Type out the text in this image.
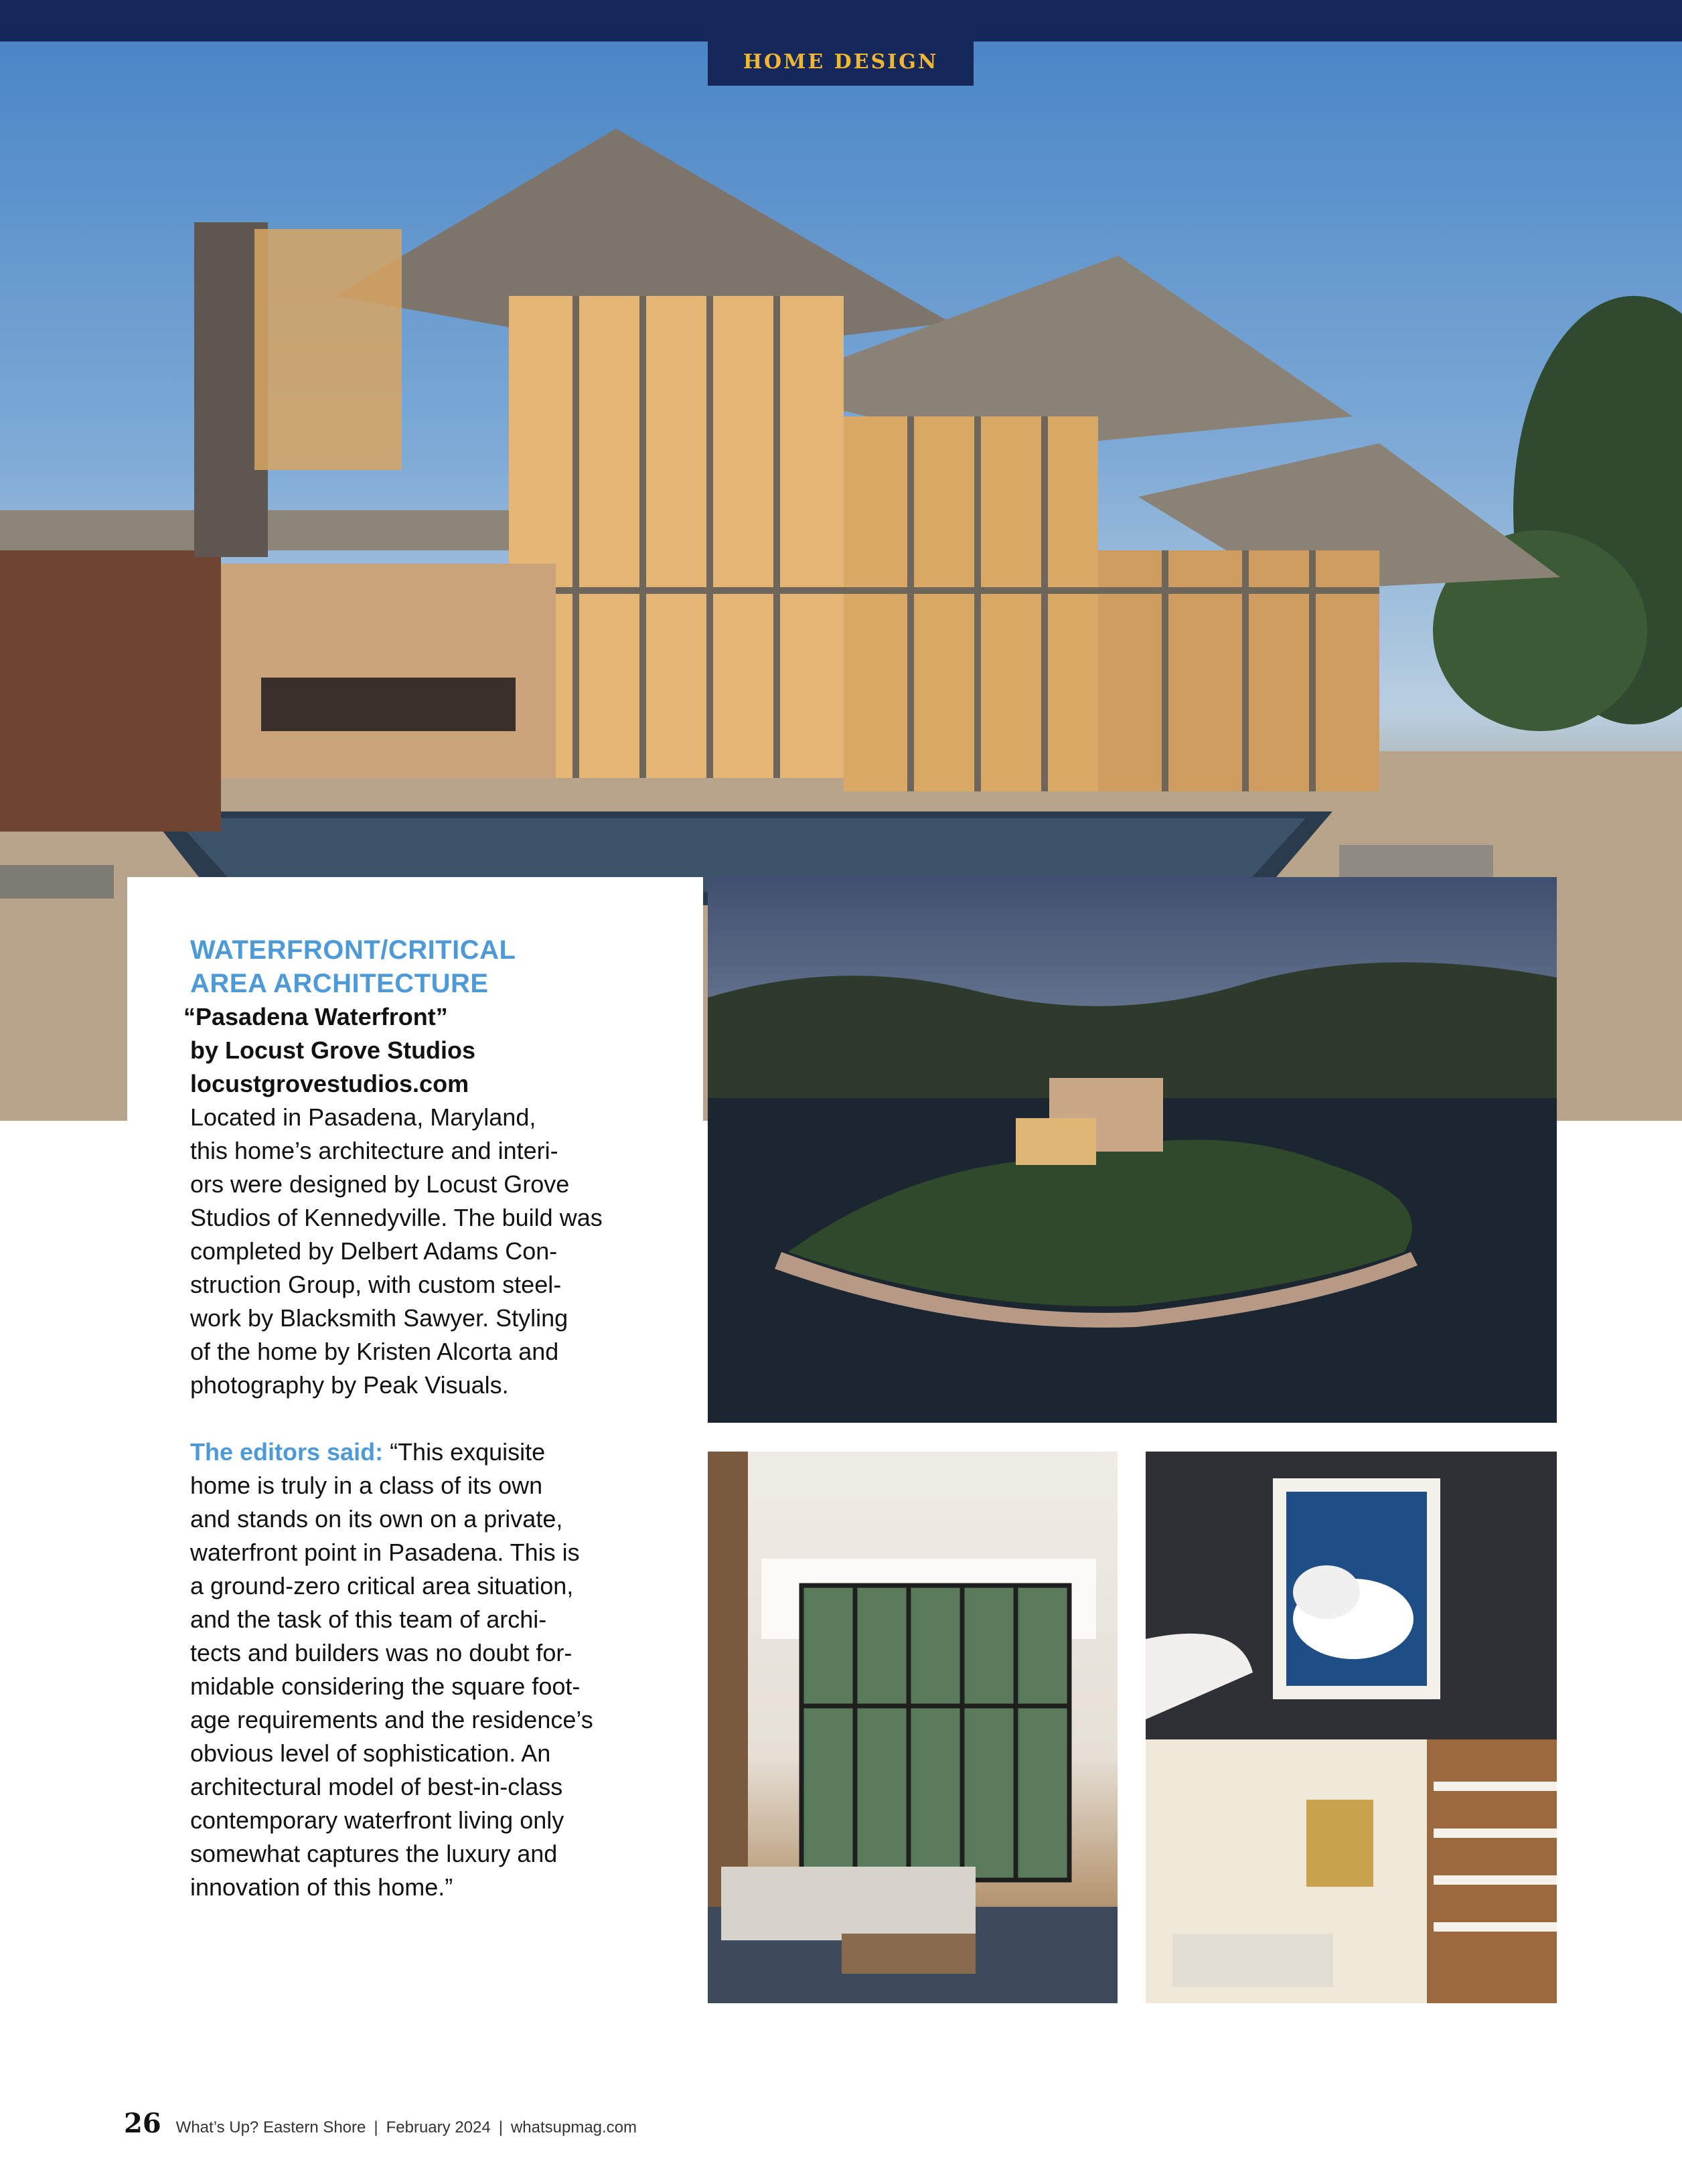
HOME DESIGN
WATERFRONT/CRITICAL
AREA ARCHITECTURE
“Pasadena Waterfront”
by Locust Grove Studios
locustgrovestudios.com
Located in Pasadena, Maryland,
this home’s architecture and interi-
ors were designed by Locust Grove
Studios of Kennedyville. The build was
completed by Delbert Adams Con-
struction Group, with custom steel-
work by Blacksmith Sawyer. Styling
of the home by Kristen Alcorta and
photography by Peak Visuals.
The editors said: “This exquisite
home is truly in a class of its own
and stands on its own on a private,
waterfront point in Pasadena. This is
a ground-zero critical area situation,
and the task of this team of archi-
tects and builders was no doubt for-
midable considering the square foot-
age requirements and the residence’s
obvious level of sophistication. An
architectural model of best-in-class
contemporary waterfront living only
somewhat captures the luxury and
innovation of this home.”
26 What’s Up? Eastern Shore | February 2024 | whatsupmag.com
